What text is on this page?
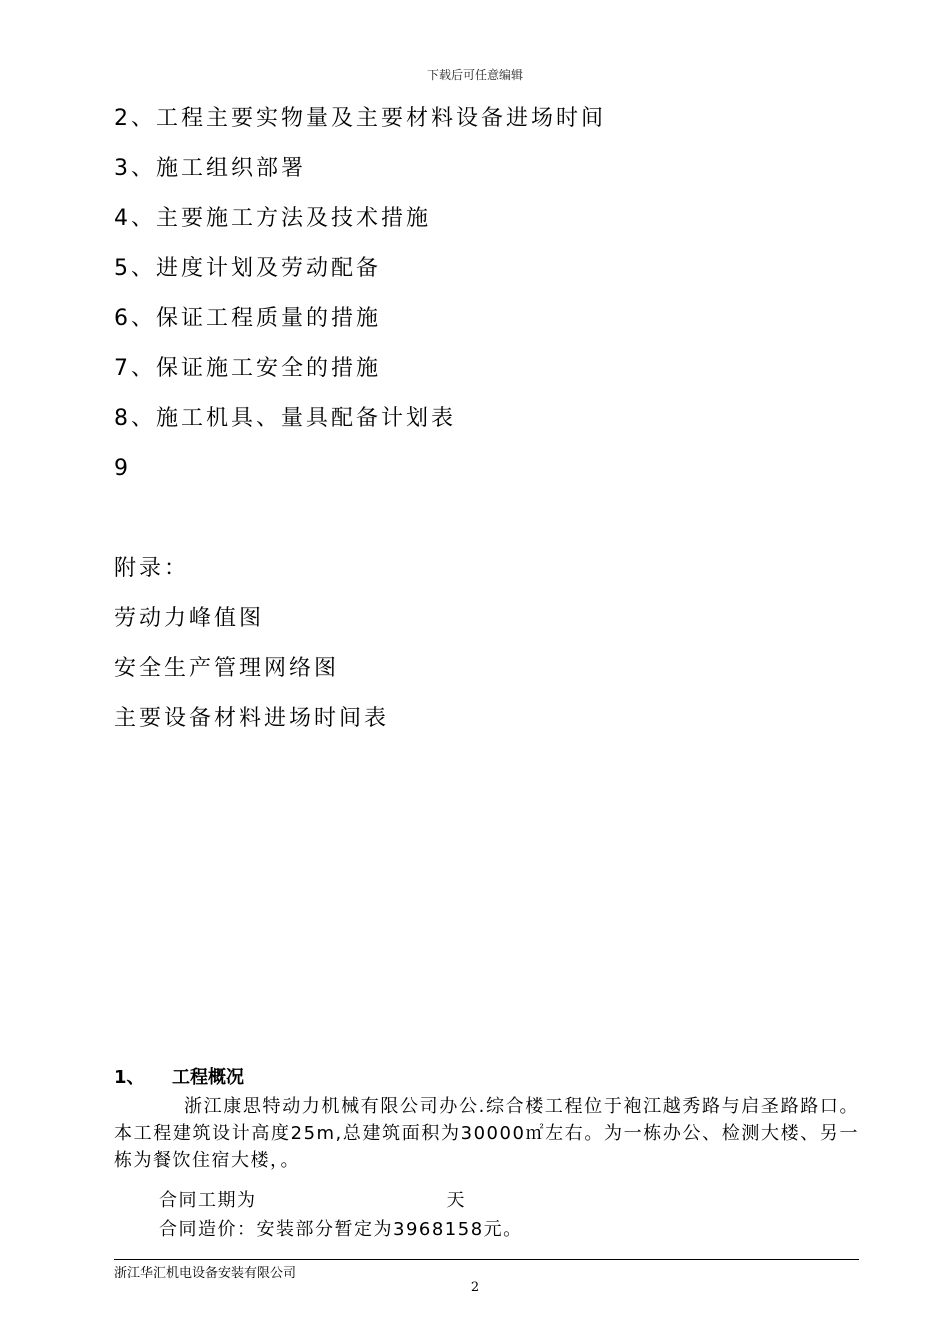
下载后可任意编辑
2、工程主要实物量及主要材料设备进场时间
3、施工组织部署
4、主要施工方法及技术措施
5、进度计划及劳动配备
6、保证工程质量的措施
7、保证施工安全的措施
8、施工机具、量具配备计划表
9
附录：
劳动力峰值图
安全生产管理网络图
主要设备材料进场时间表
1、 工程概况

浙江康思特动力机械有限公司办公.综合楼工程位于袍江越秀路与启圣路路口。本工程建筑设计高度25m,总建筑面积为30000㎡左右。为一栋办公、检测大楼、另一栋为餐饮住宿大楼，。

合同工期为	天
合同造价：安装部分暂定为3968158元。
浙江华汇机电设备安装有限公司
2
